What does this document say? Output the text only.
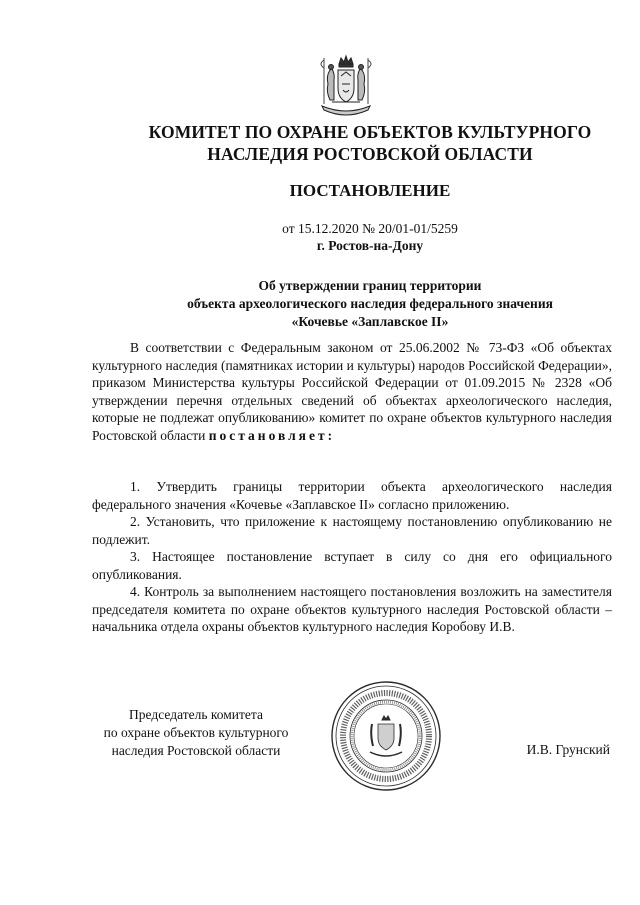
КОМИТЕТ ПО ОХРАНЕ ОБЪЕКТОВ КУЛЬТУРНОГО
НАСЛЕДИЯ РОСТОВСКОЙ ОБЛАСТИ
ПОСТАНОВЛЕНИЕ
от 15.12.2020 № 20/01-01/5259
г. Ростов-на-Дону
Об утверждении границ территории
объекта археологического наследия федерального значения
«Кочевье «Заплавское II»

В соответствии с Федеральным законом от 25.06.2002 № 73-ФЗ «Об объектах культурного наследия (памятниках истории и культуры) народов Российской Федерации», приказом Министерства культуры Российской Федерации от 01.09.2015 № 2328 «Об утверждении перечня отдельных сведений об объектах археологического наследия, которые не подлежат опубликованию» комитет по охране объектов культурного наследия Ростовской области постановляет:

1. Утвердить границы территории объекта археологического наследия федерального значения «Кочевье «Заплавское II» согласно приложению.

2. Установить, что приложение к настоящему постановлению опубликованию не подлежит.

3. Настоящее постановление вступает в силу со дня его официального опубликования.

4. Контроль за выполнением настоящего постановления возложить на заместителя председателя комитета по охране объектов культурного наследия Ростовской области – начальника отдела охраны объектов культурного наследия Коробову И.В.

Председатель комитета
по охране объектов культурного
наследия Ростовской области	И.В. Грунский
